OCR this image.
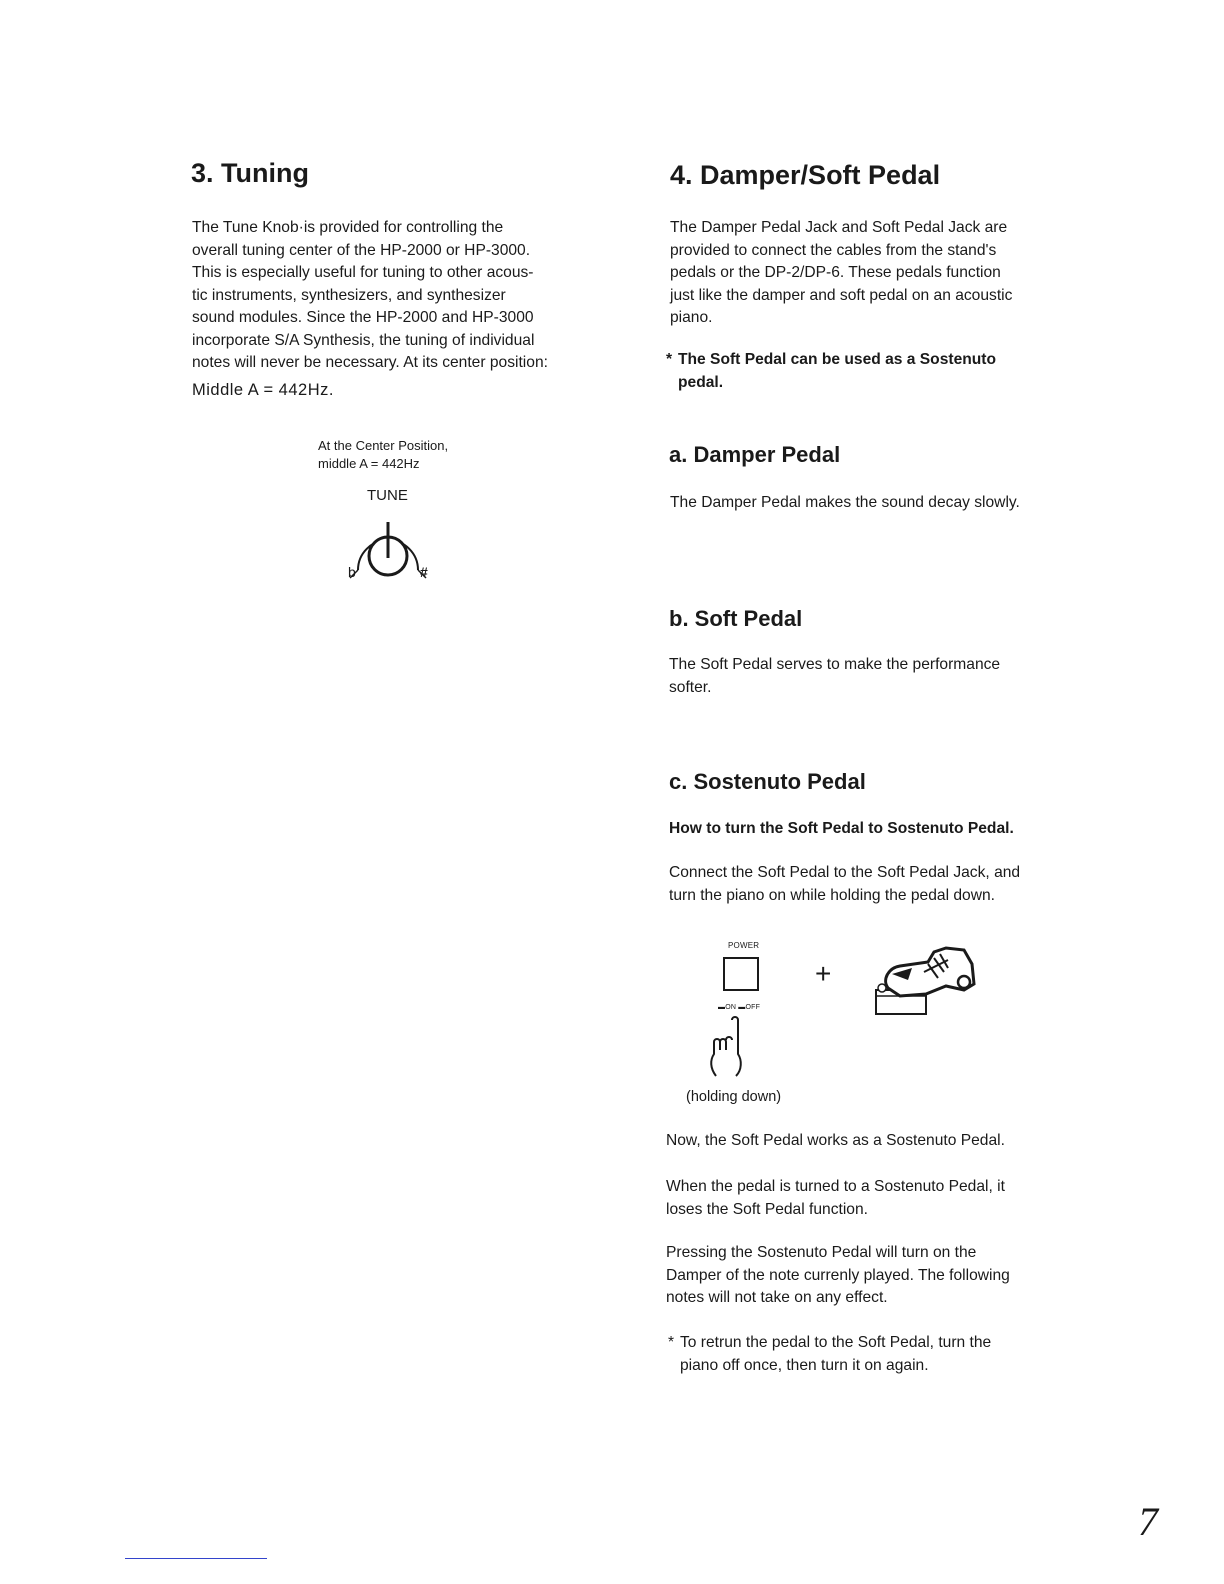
3. Tuning
The Tune Knob·is provided for controlling the
overall tuning center of the HP-2000 or HP-3000.
This is especially useful for tuning to other acous-
tic instruments, synthesizers, and synthesizer
sound modules. Since the HP-2000 and HP-3000
incorporate S/A Synthesis, the tuning of individual
notes will never be necessary. At its center position:
Middle A = 442Hz.
At the Center Position,
middle A = 442Hz
TUNE
b	#
4. Damper/Soft Pedal
The Damper Pedal Jack and Soft Pedal Jack are
provided to connect the cables from the stand's
pedals or the DP-2/DP-6. These pedals function
just like the damper and soft pedal on an acoustic
piano.
* The Soft Pedal can be used as a Sostenuto
pedal.
a. Damper Pedal
The Damper Pedal makes the sound decay slowly.
b. Soft Pedal
The Soft Pedal serves to make the performance
softer.
c. Sostenuto Pedal
How to turn the Soft Pedal to Sostenuto Pedal.
Connect the Soft Pedal to the Soft Pedal Jack, and
turn the piano on while holding the pedal down.
POWER
▬ON ▬OFF
+
(holding down)
Now, the Soft Pedal works as a Sostenuto Pedal.
When the pedal is turned to a Sostenuto Pedal, it
loses the Soft Pedal function.
Pressing the Sostenuto Pedal will turn on the
Damper of the note currenly played. The following
notes will not take on any effect.
* To retrun the pedal to the Soft Pedal, turn the
piano off once, then turn it on again.
7
